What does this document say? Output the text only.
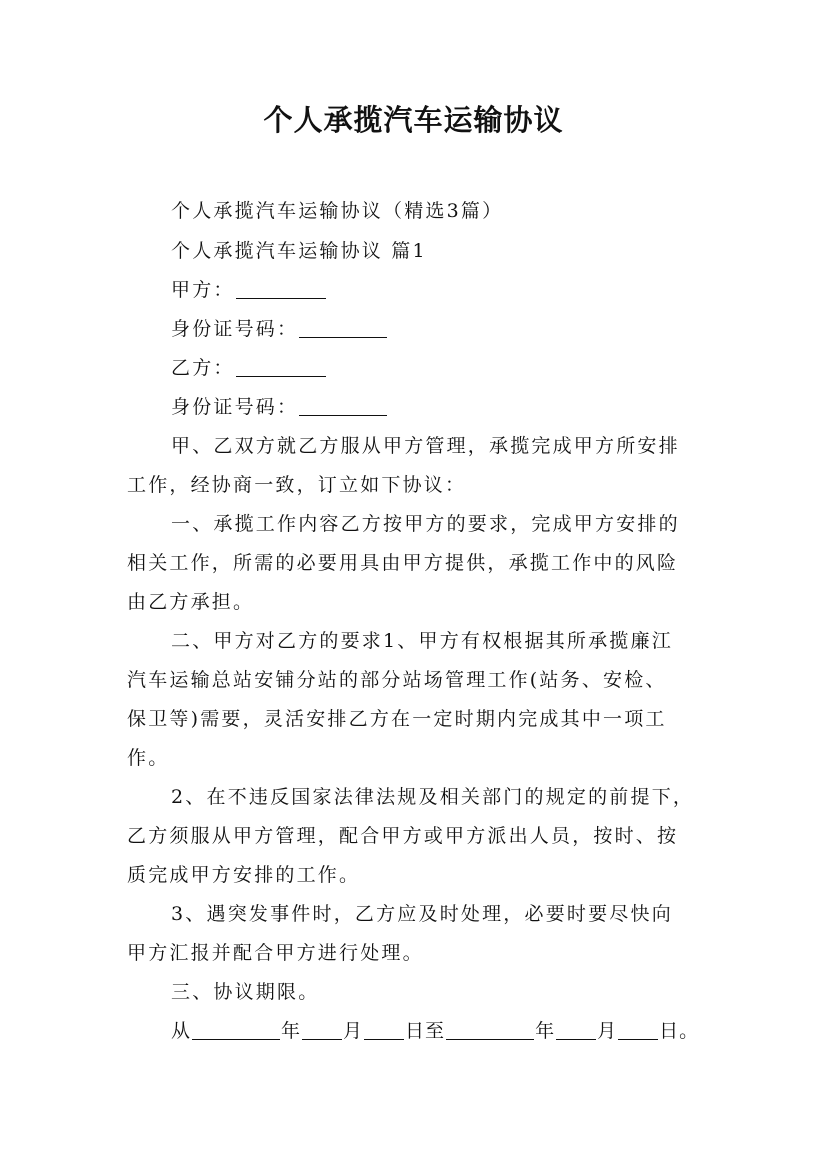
个人承揽汽车运输协议
个人承揽汽车运输协议（精选3篇）
个人承揽汽车运输协议 篇1
甲方：
身份证号码：
乙方：
身份证号码：
甲、乙双方就乙方服从甲方管理，承揽完成甲方所安排
工作，经协商一致，订立如下协议：
一、承揽工作内容乙方按甲方的要求，完成甲方安排的
相关工作，所需的必要用具由甲方提供，承揽工作中的风险
由乙方承担。
二、甲方对乙方的要求1、甲方有权根据其所承揽廉江
汽车运输总站安铺分站的部分站场管理工作(站务、安检、
保卫等)需要，灵活安排乙方在一定时期内完成其中一项工
作。
2、在不违反国家法律法规及相关部门的规定的前提下，
乙方须服从甲方管理，配合甲方或甲方派出人员，按时、按
质完成甲方安排的工作。
3、遇突发事件时，乙方应及时处理，必要时要尽快向
甲方汇报并配合甲方进行处理。
三、协议期限。
从	年 月 日至	年 月 日。
